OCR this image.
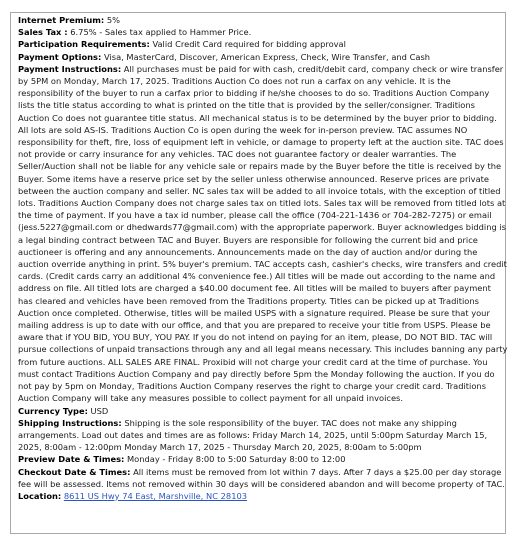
Internet Premium: 5%

Sales Tax : 6.75% - Sales tax applied to Hammer Price.

Participation Requirements: Valid Credit Card required for bidding approval

Payment Options: Visa, MasterCard, Discover, American Express, Check, Wire Transfer, and Cash

Payment Instructions: All purchases must be paid for with cash, credit/debit card, company check or wire transfer by 5PM on Monday, March 17, 2025. Traditions Auction Co does not run a carfax on any vehicle. It is the responsibility of the buyer to run a carfax prior to bidding if he/she chooses to do so. Traditions Auction Company lists the title status according to what is printed on the title that is provided by the seller/consigner. Traditions Auction Co does not guarantee title status. All mechanical status is to be determined by the buyer prior to bidding. All lots are sold AS-IS. Traditions Auction Co is open during the week for in-person preview. TAC assumes NO responsibility for theft, fire, loss of equipment left in vehicle, or damage to property left at the auction site. TAC does not provide or carry insurance for any vehicles. TAC does not guarantee factory or dealer warranties. The Seller/Auction shall not be liable for any vehicle sale or repairs made by the Buyer before the title is received by the Buyer. Some items have a reserve price set by the seller unless otherwise announced. Reserve prices are private between the auction company and seller. NC sales tax will be added to all invoice totals, with the exception of titled lots. Traditions Auction Company does not charge sales tax on titled lots. Sales tax will be removed from titled lots at the time of payment. If you have a tax id number, please call the office (704-221-1436 or 704-282-7275) or email (jess.5227@gmail.com or dhedwards77@gmail.com) with the appropriate paperwork. Buyer acknowledges bidding is a legal binding contract between TAC and Buyer. Buyers are responsible for following the current bid and price auctioneer is offering and any announcements. Announcements made on the day of auction and/or during the auction override anything in print. 5% buyer's premium. TAC accepts cash, cashier's checks, wire transfers and credit cards. (Credit cards carry an additional 4% convenience fee.) All titles will be made out according to the name and address on file. All titled lots are charged a $40.00 document fee. All titles will be mailed to buyers after payment has cleared and vehicles have been removed from the Traditions property. Titles can be picked up at Traditions Auction once completed. Otherwise, titles will be mailed USPS with a signature required. Please be sure that your mailing address is up to date with our office, and that you are prepared to receive your title from USPS. Please be aware that if YOU BID, YOU BUY, YOU PAY. If you do not intend on paying for an item, please, DO NOT BID. TAC will pursue collections of unpaid transactions through any and all legal means necessary. This includes banning any party from future auctions. ALL SALES ARE FINAL. Proxibid will not charge your credit card at the time of purchase. You must contact Traditions Auction Company and pay directly before 5pm the Monday following the auction. If you do not pay by 5pm on Monday, Traditions Auction Company reserves the right to charge your credit card. Traditions Auction Company will take any measures possible to collect payment for all unpaid invoices.

Currency Type: USD

Shipping Instructions: Shipping is the sole responsibility of the buyer. TAC does not make any shipping arrangements. Load out dates and times are as follows: Friday March 14, 2025, until 5:00pm Saturday March 15, 2025, 8:00am - 12:00pm Monday March 17, 2025 - Thursday March 20, 2025, 8:00am to 5:00pm

Preview Date & Times: Monday - Friday 8:00 to 5:00 Saturday 8:00 to 12:00

Checkout Date & Times: All items must be removed from lot within 7 days. After 7 days a $25.00 per day storage fee will be assessed. Items not removed within 30 days will be considered abandon and will become property of TAC.

Location: 8611 US Hwy 74 East, Marshville, NC 28103
